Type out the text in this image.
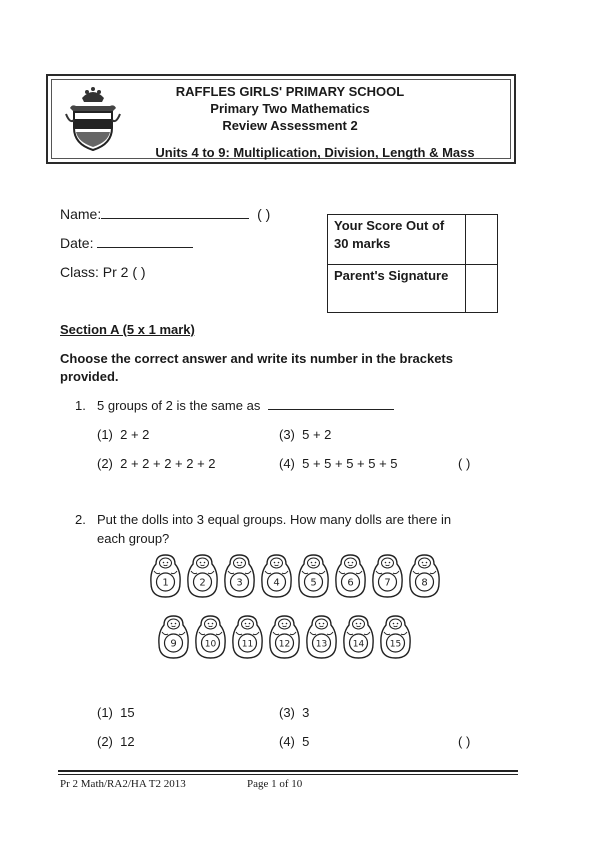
RAFFLES GIRLS' PRIMARY SCHOOL
Primary Two Mathematics
Review Assessment 2
Units 4 to 9: Multiplication, Division, Length & Mass
Name:	( )
Date:
Class: Pr 2 ( )
Your Score Out of 30 marks
Parent's Signature
Section A (5 x 1 mark)
Choose the correct answer and write its number in the brackets provided.
1. 5 groups of 2 is the same as
(1) 2 + 2
(2) 2 + 2 + 2 + 2 + 2
(3) 5 + 2
(4) 5 + 5 + 5 + 5 + 5	( )
2. Put the dolls into 3 equal groups. How many dolls are there in
each group?
1	2	3	4	5	6	7	8
9	10	11	12	13	14	15
(1) 15
(2) 12
(3) 3
(4) 5	( )
Pr 2 Math/RA2/HA T2 2013	Page 1 of 10
